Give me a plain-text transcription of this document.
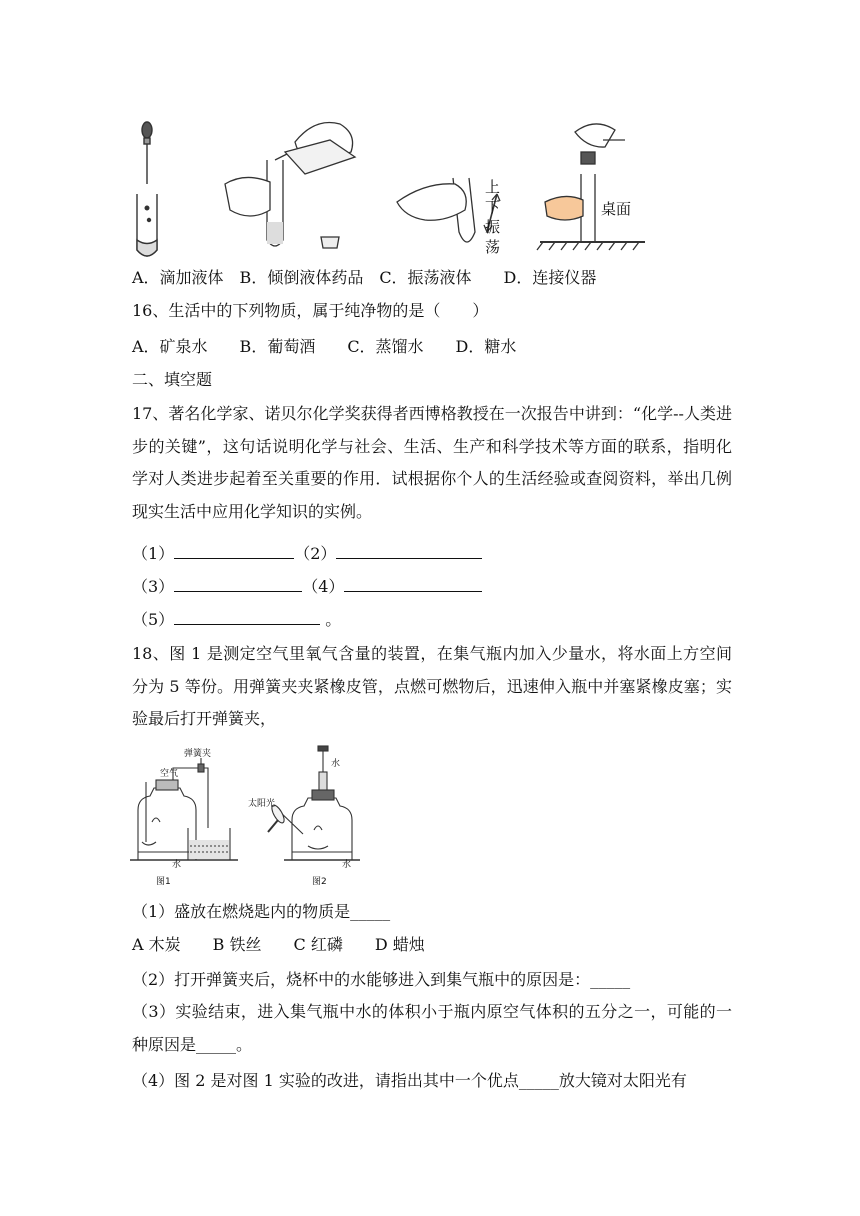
上
下
振
荡
桌面
A．滴加液体　B．倾倒液体药品　C．振荡液体　　D．连接仪器
16、生活中的下列物质，属于纯净物的是（　　）
A．矿泉水　　B．葡萄酒　　C．蒸馏水　　D．糖水
二、填空题
17、著名化学家、诺贝尔化学奖获得者西博格教授在一次报告中讲到：“化学--人类进步的关键”，这句话说明化学与社会、生活、生产和科学技术等方面的联系，指明化学对人类进步起着至关重要的作用．试根据你个人的生活经验或查阅资料，举出几例现实生活中应用化学知识的实例。
（1）	（2）
（3）	（4）
（5）	。
18、图 1 是测定空气里氧气含量的装置，在集气瓶内加入少量水，将水面上方空间分为 5 等份。用弹簧夹夹紧橡皮管，点燃可燃物后，迅速伸入瓶中并塞紧橡皮塞；实验最后打开弹簧夹，
弹簧夹
空气
水
图1
水
太阳光
水
图2
（1）盛放在燃烧匙内的物质是_____
A 木炭　　B 铁丝　　C 红磷　　D 蜡烛
（2）打开弹簧夹后，烧杯中的水能够进入到集气瓶中的原因是：_____
（3）实验结束，进入集气瓶中水的体积小于瓶内原空气体积的五分之一，可能的一种原因是_____。
（4）图 2 是对图 1 实验的改进，请指出其中一个优点_____放大镜对太阳光有
